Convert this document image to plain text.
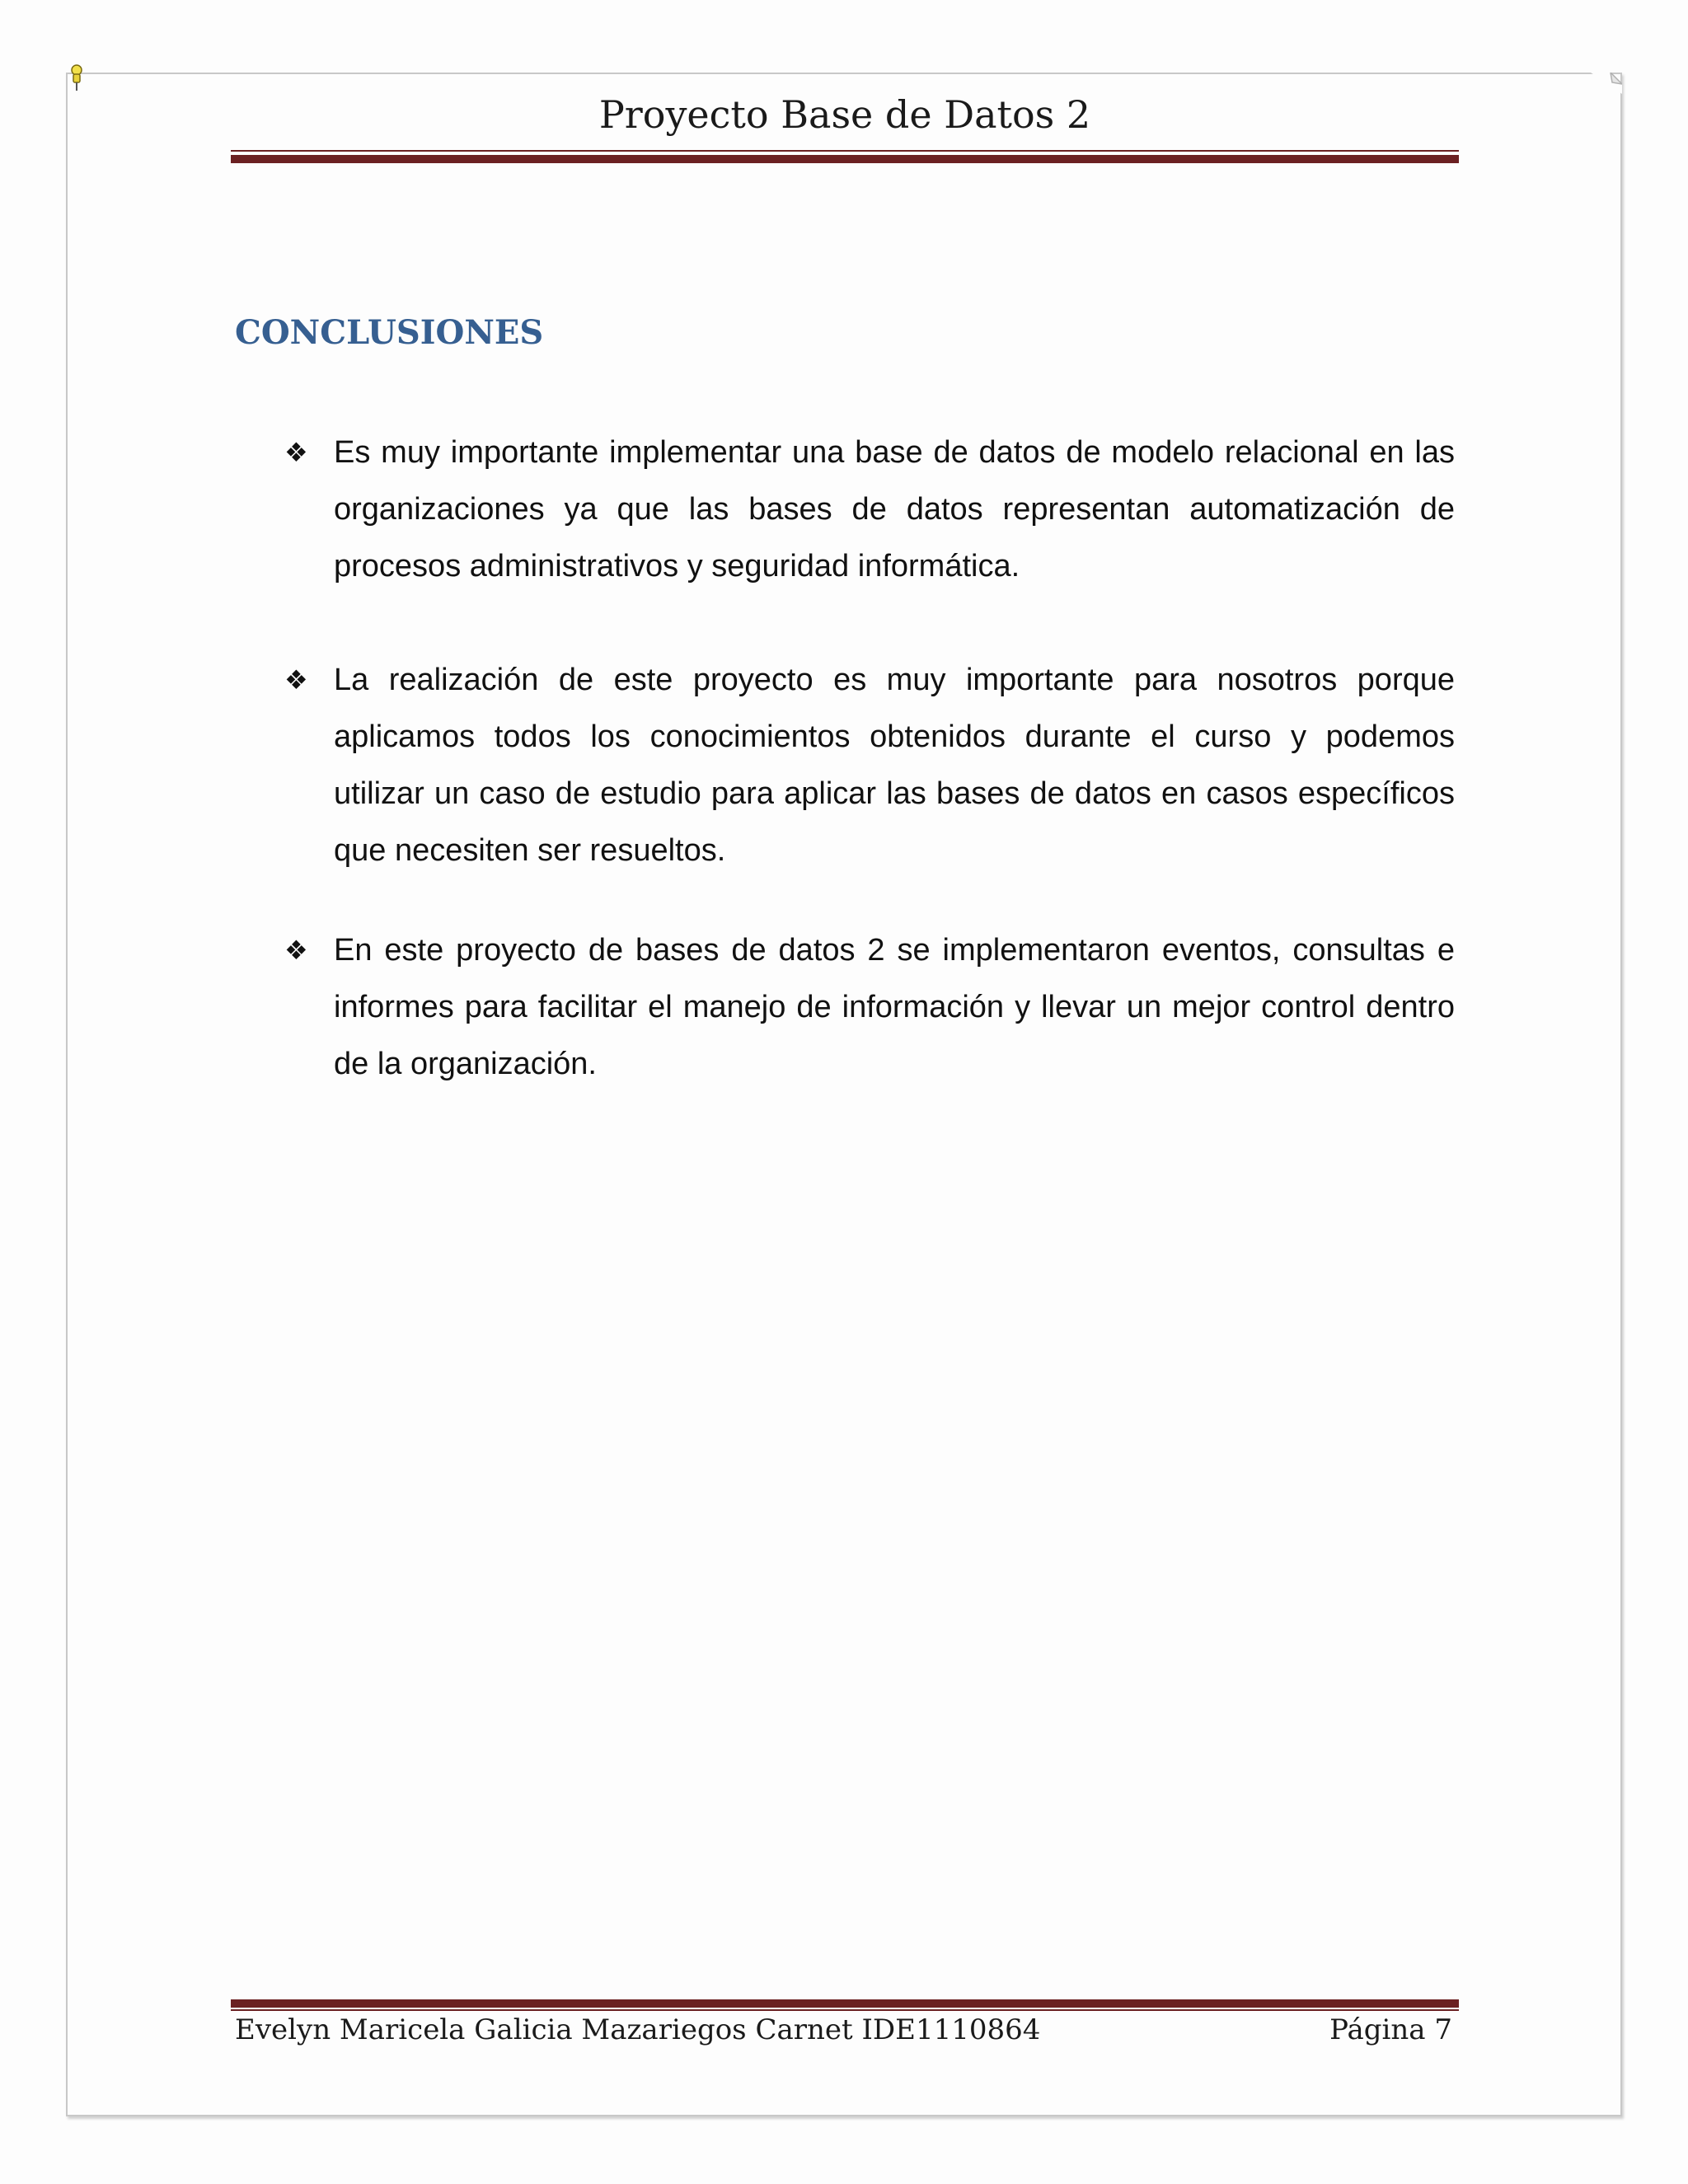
Proyecto Base de Datos 2
CONCLUSIONES
❖ Es muy importante implementar una base de datos de modelo relacional en las organizaciones ya que las bases de datos representan automatización de procesos administrativos y seguridad informática.
❖ La realización de este proyecto es muy importante para nosotros porque aplicamos todos los conocimientos obtenidos durante el curso y podemos utilizar un caso de estudio para aplicar las bases de datos en casos específicos que necesiten ser resueltos.
❖ En este proyecto de bases de datos 2 se implementaron eventos, consultas e informes para facilitar el manejo de información y llevar un mejor control dentro de la organización.
Evelyn Maricela Galicia Mazariegos Carnet IDE1110864	Página 7
